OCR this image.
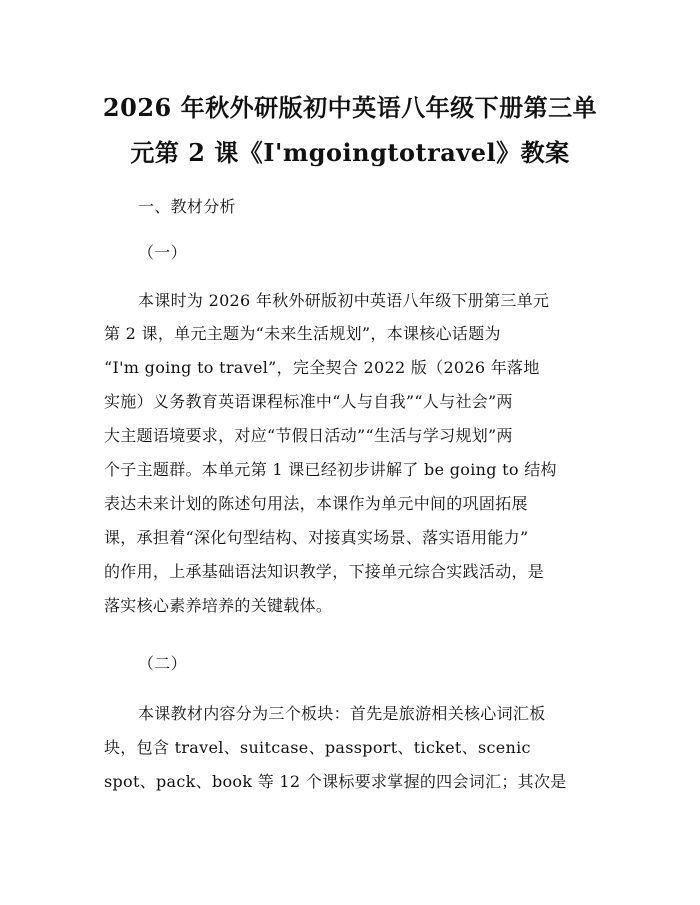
2026 年秋外研版初中英语八年级下册第三单
元第 2 课《I'mgoingtotravel》教案
一、教材分析
（一）
本课时为 2026 年秋外研版初中英语八年级下册第三单元
第 2 课，单元主题为“未来生活规划”，本课核心话题为
“I'm going to travel”，完全契合 2022 版（2026 年落地
实施）义务教育英语课程标准中“人与自我”“人与社会”两
大主题语境要求，对应“节假日活动”“生活与学习规划”两
个子主题群。本单元第 1 课已经初步讲解了 be going to 结构
表达未来计划的陈述句用法，本课作为单元中间的巩固拓展
课，承担着“深化句型结构、对接真实场景、落实语用能力”
的作用，上承基础语法知识教学，下接单元综合实践活动，是
落实核心素养培养的关键载体。
（二）
本课教材内容分为三个板块：首先是旅游相关核心词汇板
块，包含 travel、suitcase、passport、ticket、scenic
spot、pack、book 等 12 个课标要求掌握的四会词汇；其次是
